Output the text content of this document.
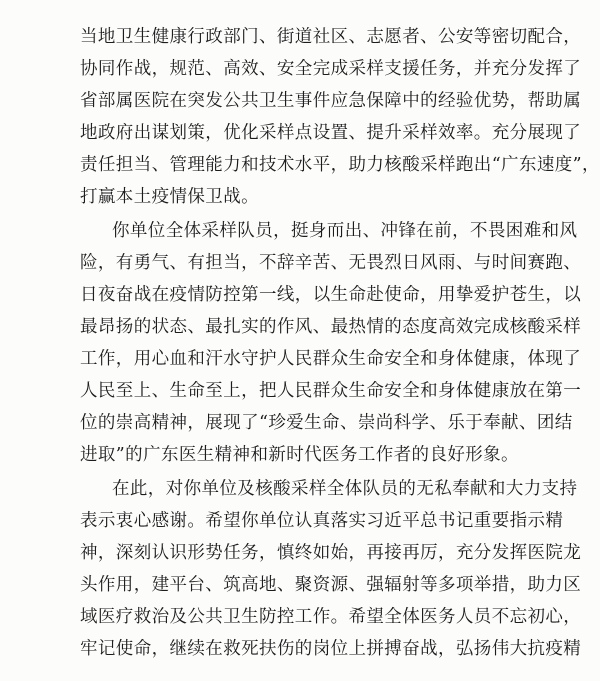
当地卫生健康行政部门、街道社区、志愿者、公安等密切配合，
协同作战，规范、高效、安全完成采样支援任务，并充分发挥了
省部属医院在突发公共卫生事件应急保障中的经验优势，帮助属
地政府出谋划策，优化采样点设置、提升采样效率。充分展现了
责任担当、管理能力和技术水平，助力核酸采样跑出“广东速度”，
打赢本土疫情保卫战。
你单位全体采样队员，挺身而出、冲锋在前，不畏困难和风
险，有勇气、有担当，不辞辛苦、无畏烈日风雨、与时间赛跑、
日夜奋战在疫情防控第一线，以生命赴使命，用挚爱护苍生，以
最昂扬的状态、最扎实的作风、最热情的态度高效完成核酸采样
工作，用心血和汗水守护人民群众生命安全和身体健康，体现了
人民至上、生命至上，把人民群众生命安全和身体健康放在第一
位的崇高精神，展现了“珍爱生命、崇尚科学、乐于奉献、团结
进取”的广东医生精神和新时代医务工作者的良好形象。
在此，对你单位及核酸采样全体队员的无私奉献和大力支持
表示衷心感谢。希望你单位认真落实习近平总书记重要指示精
神，深刻认识形势任务，慎终如始，再接再厉，充分发挥医院龙
头作用，建平台、筑高地、聚资源、强辐射等多项举措，助力区
域医疗救治及公共卫生防控工作。希望全体医务人员不忘初心，
牢记使命，继续在救死扶伤的岗位上拼搏奋战，弘扬伟大抗疫精
